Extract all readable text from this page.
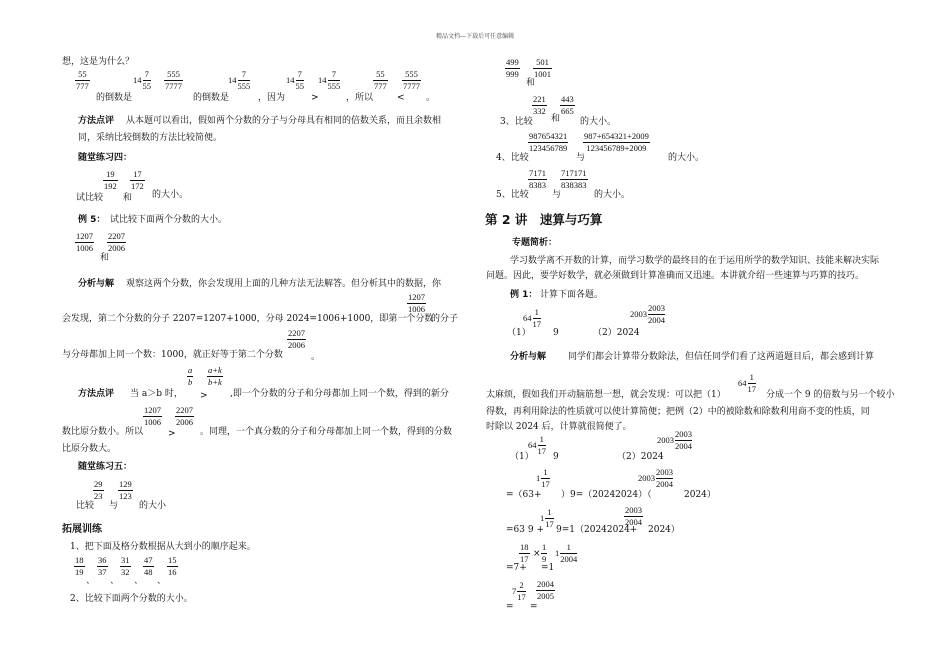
精品文档---下载后可任意编辑
想，这是为什么？
$\frac{55}{777}$
的倒数是
$14 \frac{7}{55} \frac{555}{7777}$
的倒数是
$14 \frac{7}{555}$
，因为
$14 \frac{7}{55}$
>
$14 \frac{7}{555}$
，所以
$\frac{55}{777}$
<
$\frac{555}{7777}$
。
方法点评 从本题可以看出，假如两个分数的分子与分母具有相同的倍数关系，而且余数相
同，采纳比较倒数的方法比较简便。
随堂练习四：
$\frac{19}{192} \frac{17}{172}$
试比较 和 的大小。
例 5： 试比较下面两个分数的大小。
$\frac{1207}{1006}$
和
$\frac{2207}{2006}$
分析与解 观察这两个分数，你会发现用上面的几种方法无法解答。但分析其中的数据，你
$\frac{1207}{1006}$
会发现，第二个分数的分子 2207=1207+1000，分母 2024=1006+1000，即第一个分数
的分子
与分母都加上同一个数：1000，就正好等于第二个分数
$\frac{2207}{2006}$
。
方法点评 当 a＞b 时，
$\frac{a}{b}$
>
$\frac{a+k}{b+k}$
,即一个分数的分子和分母都加上同一个数，得到的新分
$\frac{1207}{1006}$
>
$\frac{2207}{2006}$
数比原分数小。所以	。同理，一个真分数的分子和分母都加上同一个数，得到的分数
比原分数大。
随堂练习五：
$\frac{29}{23} \frac{129}{123}$
比较 与 的大小
拓展训练
1、把下面及格分数根据从大到小的顺序起来。
$\frac{18}{19}$
、
$\frac{36}{37}$
、
$\frac{31}{32}$
、
$\frac{47}{48}$
、
$\frac{15}{16}$
2、比较下面两个分数的大小。
$\frac{499}{999}$
和
$\frac{501}{1001}$
$\frac{221}{332}$
和
$\frac{443}{665}$
3、比较	的大小。
4、比较
$\frac{987654321}{123456789}$
与
$\frac{987+654321+2009}{123456789+2009}$
的大小。
5、比较
$\frac{7171}{8383}$
与
$\frac{717171}{838383}$
的大小。
第 2 讲　速算与巧算
专题简析：
学习数学离不开数的计算，而学习数学的最终目的在于运用所学的数学知识、技能来解决实际
问题。因此，要学好数学，就必须做到计算准确而又迅速。本讲就介绍一些速算与巧算的技巧。
例 1： 计算下面各题。
$64 \frac{1}{17}$
（1） 9	（2）2024
$2003 \frac{2003}{2004}$
分析与解 同学们都会计算带分数除法，但信任同学们看了这两道题目后，都会感到计算
$64 \frac{1}{17}$
太麻烦，假如我们开动脑筋想一想，就会发现：可以把（1）	分成一个 9 的倍数与另一个较小
得数，再利用除法的性质就可以使计算简便；把例（2）中的被除数和除数利用商不变的性质，同
时除以 2024 后，计算就很简便了。
$64 \frac{1}{17}$
（1） 9	（2）2024
$2003 \frac{2003}{2004}$
$1 \frac{1}{17}$
=（63+ ）9=（20242024）（
$2003 \frac{2003}{2004}$
2024）
$1 \frac{1}{17}$
=63 9 + 9=1（20242024+
$\frac{2003}{2004}$
2024）
$\frac{18}{17} \times \frac{1}{9} 1 \frac{1}{2004}$
=7+ =1
$7 \frac{2}{17}$
= =
$\frac{2004}{2005}$
